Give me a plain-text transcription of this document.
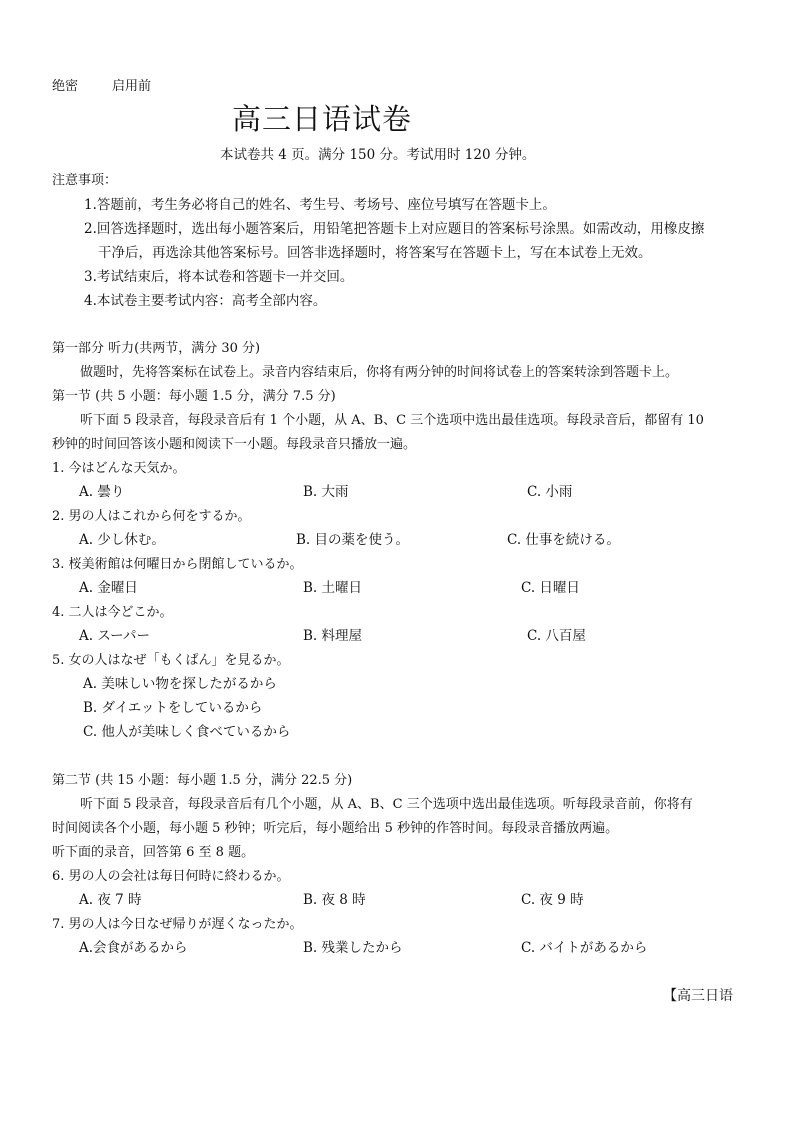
绝密	启用前
高三日语试卷
本试卷共 4 页。满分 150 分。考试用时 120 分钟。
注意事项：
1.答题前，考生务必将自己的姓名、考生号、考场号、座位号填写在答题卡上。
2.回答选择题时，选出每小题答案后，用铅笔把答题卡上对应题目的答案标号涂黑。如需改动，用橡皮擦
干净后，再选涂其他答案标号。回答非选择题时，将答案写在答题卡上，写在本试卷上无效。
3.考试结束后，将本试卷和答题卡一并交回。
4.本试卷主要考试内容：高考全部内容。
第一部分 听力(共两节，满分 30 分)
做题时，先将答案标在试卷上。录音内容结束后，你将有两分钟的时间将试卷上的答案转涂到答题卡上。
第一节 (共 5 小题：每小题 1.5 分，满分 7.5 分)
听下面 5 段录音，每段录音后有 1 个小题，从 A、B、C 三个选项中选出最佳选项。每段录音后，都留有 10
秒钟的时间回答该小题和阅读下一小题。每段录音只播放一遍。
1. 今はどんな天気か。
A. 曇り	B. 大雨	C. 小雨
2. 男の人はこれから何をするか。
A. 少し休む。	B. 目の薬を使う。	C. 仕事を続ける。
3. 桜美術館は何曜日から閉館しているか。
A. 金曜日	B. 土曜日	C. 日曜日
4. 二人は今どこか。
A. スーパー	B. 料理屋	C. 八百屋
5. 女の人はなぜ「もくぱん」を見るか。
A. 美味しい物を探したがるから
B. ダイエットをしているから
C. 他人が美味しく食べているから
第二节 (共 15 小题：每小题 1.5 分，满分 22.5 分)
听下面 5 段录音，每段录音后有几个小题，从 A、B、C 三个选项中选出最佳选项。听每段录音前，你将有
时间阅读各个小题，每小题 5 秒钟；听完后，每小题给出 5 秒钟的作答时间。每段录音播放两遍。
听下面的录音，回答第 6 至 8 题。
6. 男の人の会社は毎日何時に終わるか。
A. 夜 7 時	B. 夜 8 時	C. 夜 9 時
7. 男の人は今日なぜ帰りが遅くなったか。
A.会食があるから	B. 残業したから	C. バイトがあるから
【高三日语
